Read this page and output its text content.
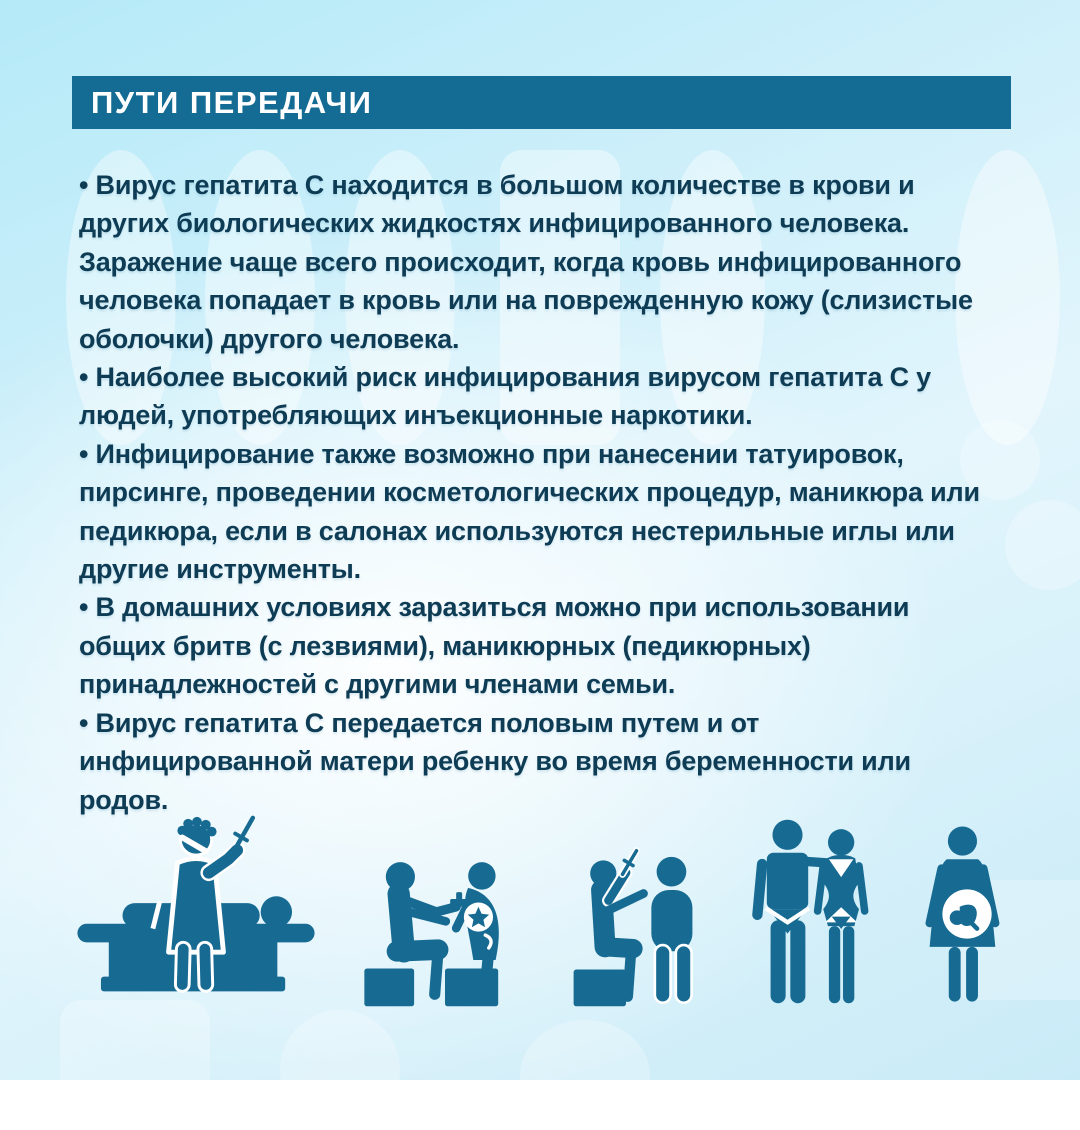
ПУТИ ПЕРЕДАЧИ

• Вирус гепатита С находится в большом количестве в крови и других биологических жидкостях инфицированного человека. Заражение чаще всего происходит, когда кровь инфицированного человека попадает в кровь или на поврежденную кожу (слизистые оболочки) другого человека.

• Наиболее высокий риск инфицирования вирусом гепатита С у людей, употребляющих инъекционные наркотики.

• Инфицирование также возможно при нанесении татуировок, пирсинге, проведении косметологических процедур, маникюра или педикюра, если в салонах используются нестерильные иглы или другие инструменты.

• В домашних условиях заразиться можно при использовании общих бритв (с лезвиями), маникюрных (педикюрных) принадлежностей с другими членами семьи.

• Вирус гепатита С передается половым путем и от инфицированной матери ребенку во время беременности или родов.
